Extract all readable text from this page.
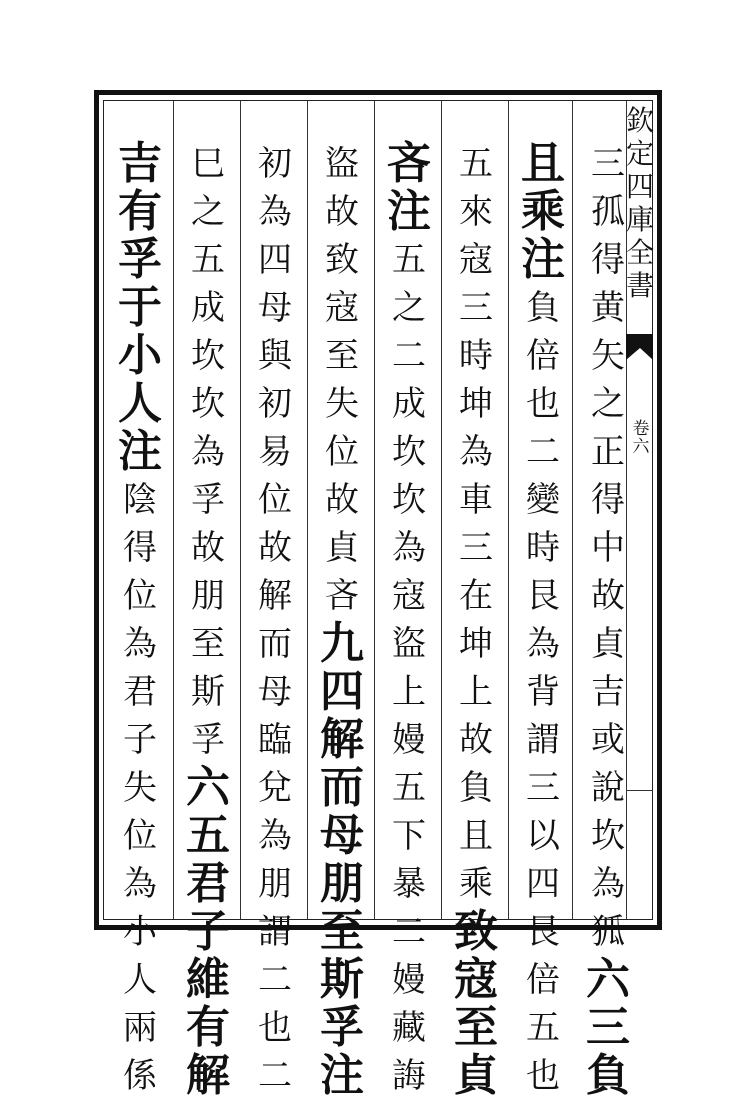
三
孤
得
黄
矢
之
正
得
中
故
貞
吉
或
說
坎
為
狐
六
三
負
且
乘
注
負
倍
也
二
變
時
艮
為
背
謂
三
以
四
艮
倍
五
也
五
來
寇
三
時
坤
為
車
三
在
坤
上
故
負
且
乘
致
寇
至
貞
吝
注
五
之
二
成
坎
坎
為
寇
盜
上
嫚
五
下
暴
二
嫚
藏
誨
盜
故
致
寇
至
失
位
故
貞
吝
九
四
解
而
母
朋
至
斯
孚
注
初
為
四
母
與
初
易
位
故
解
而
母
臨
兌
為
朋
謂
二
也
二
巳
之
五
成
坎
坎
為
孚
故
朋
至
斯
孚
六
五
君
子
維
有
解
吉
有
孚
于
小
人
注
陰
得
位
為
君
子
失
位
為
小
人
兩
係
欽
定
四
庫
全
書
卷
六
